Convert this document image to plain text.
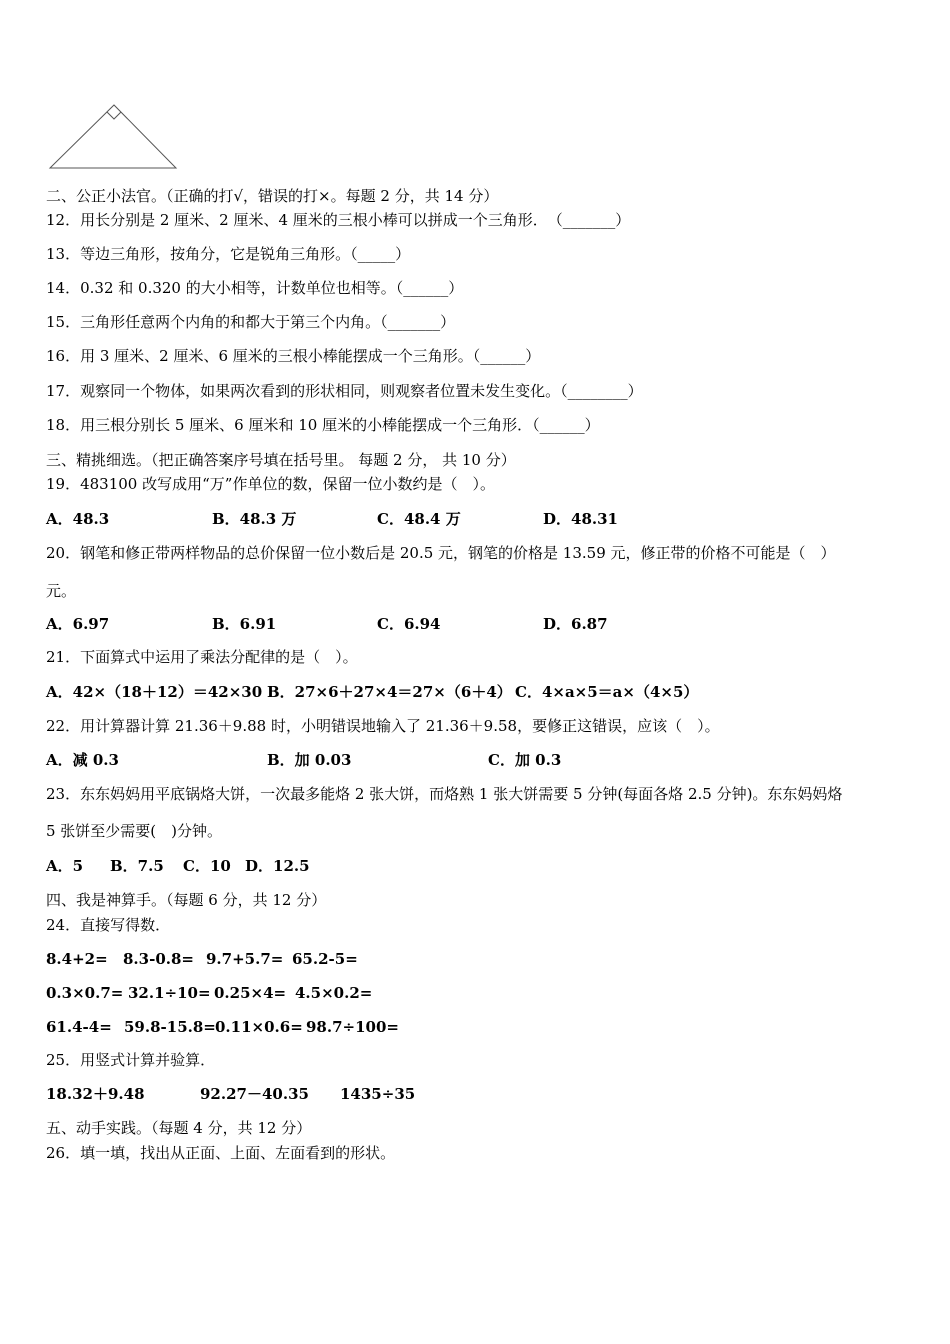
二、公正小法官。（正确的打√，错误的打×。每题 2 分，共 14 分）
12．用长分别是 2 厘米、2 厘米、4 厘米的三根小棒可以拼成一个三角形．　（_______）
13．等边三角形，按角分，它是锐角三角形。（_____）
14．0.32 和 0.320 的大小相等，计数单位也相等。（______）
15．三角形任意两个内角的和都大于第三个内角。（_______）
16．用 3 厘米、2 厘米、6 厘米的三根小棒能摆成一个三角形。（______）
17．观察同一个物体，如果两次看到的形状相同，则观察者位置未发生变化。（________）
18．用三根分别长 5 厘米、6 厘米和 10 厘米的小棒能摆成一个三角形．（______）
三、精挑细选。（把正确答案序号填在括号里。 每题 2 分， 共 10 分）
19．483100 改写成用“万”作单位的数，保留一位小数约是（　）。
A．48.3	B．48.3 万	C．48.4 万	D．48.31
20．钢笔和修正带两样物品的总价保留一位小数后是 20.5 元，钢笔的价格是 13.59 元，修正带的价格不可能是（　）
元。
A．6.97	B．6.91	C．6.94	D．6.87
21．下面算式中运用了乘法分配律的是（　）。
A．42×（18＋12）＝42×30 B．27×6＋27×4＝27×（6＋4） C．4×a×5＝a×（4×5）
22．用计算器计算 21.36＋9.88 时，小明错误地输入了 21.36＋9.58，要修正这错误，应该（　）。
A．减 0.3	B．加 0.03	C．加 0.3
23．东东妈妈用平底锅烙大饼，一次最多能烙 2 张大饼，而烙熟 1 张大饼需要 5 分钟(每面各烙 2.5 分钟)。东东妈妈烙
5 张饼至少需要(　)分钟。
A．5 B．7.5 C．10 D．12.5
四、我是神算手。（每题 6 分，共 12 分）
24．直接写得数．
8.4+2= 8.3-0.8= 9.7+5.7= 65.2-5=
0.3×0.7= 32.1÷10= 0.25×4= 4.5×0.2=
61.4-4= 59.8-15.8= 0.11×0.6= 98.7÷100=
25．用竖式计算并验算．
18.32＋9.48	92.27－40.35 1435÷35
五、动手实践。（每题 4 分，共 12 分）
26．填一填，找出从正面、上面、左面看到的形状。
